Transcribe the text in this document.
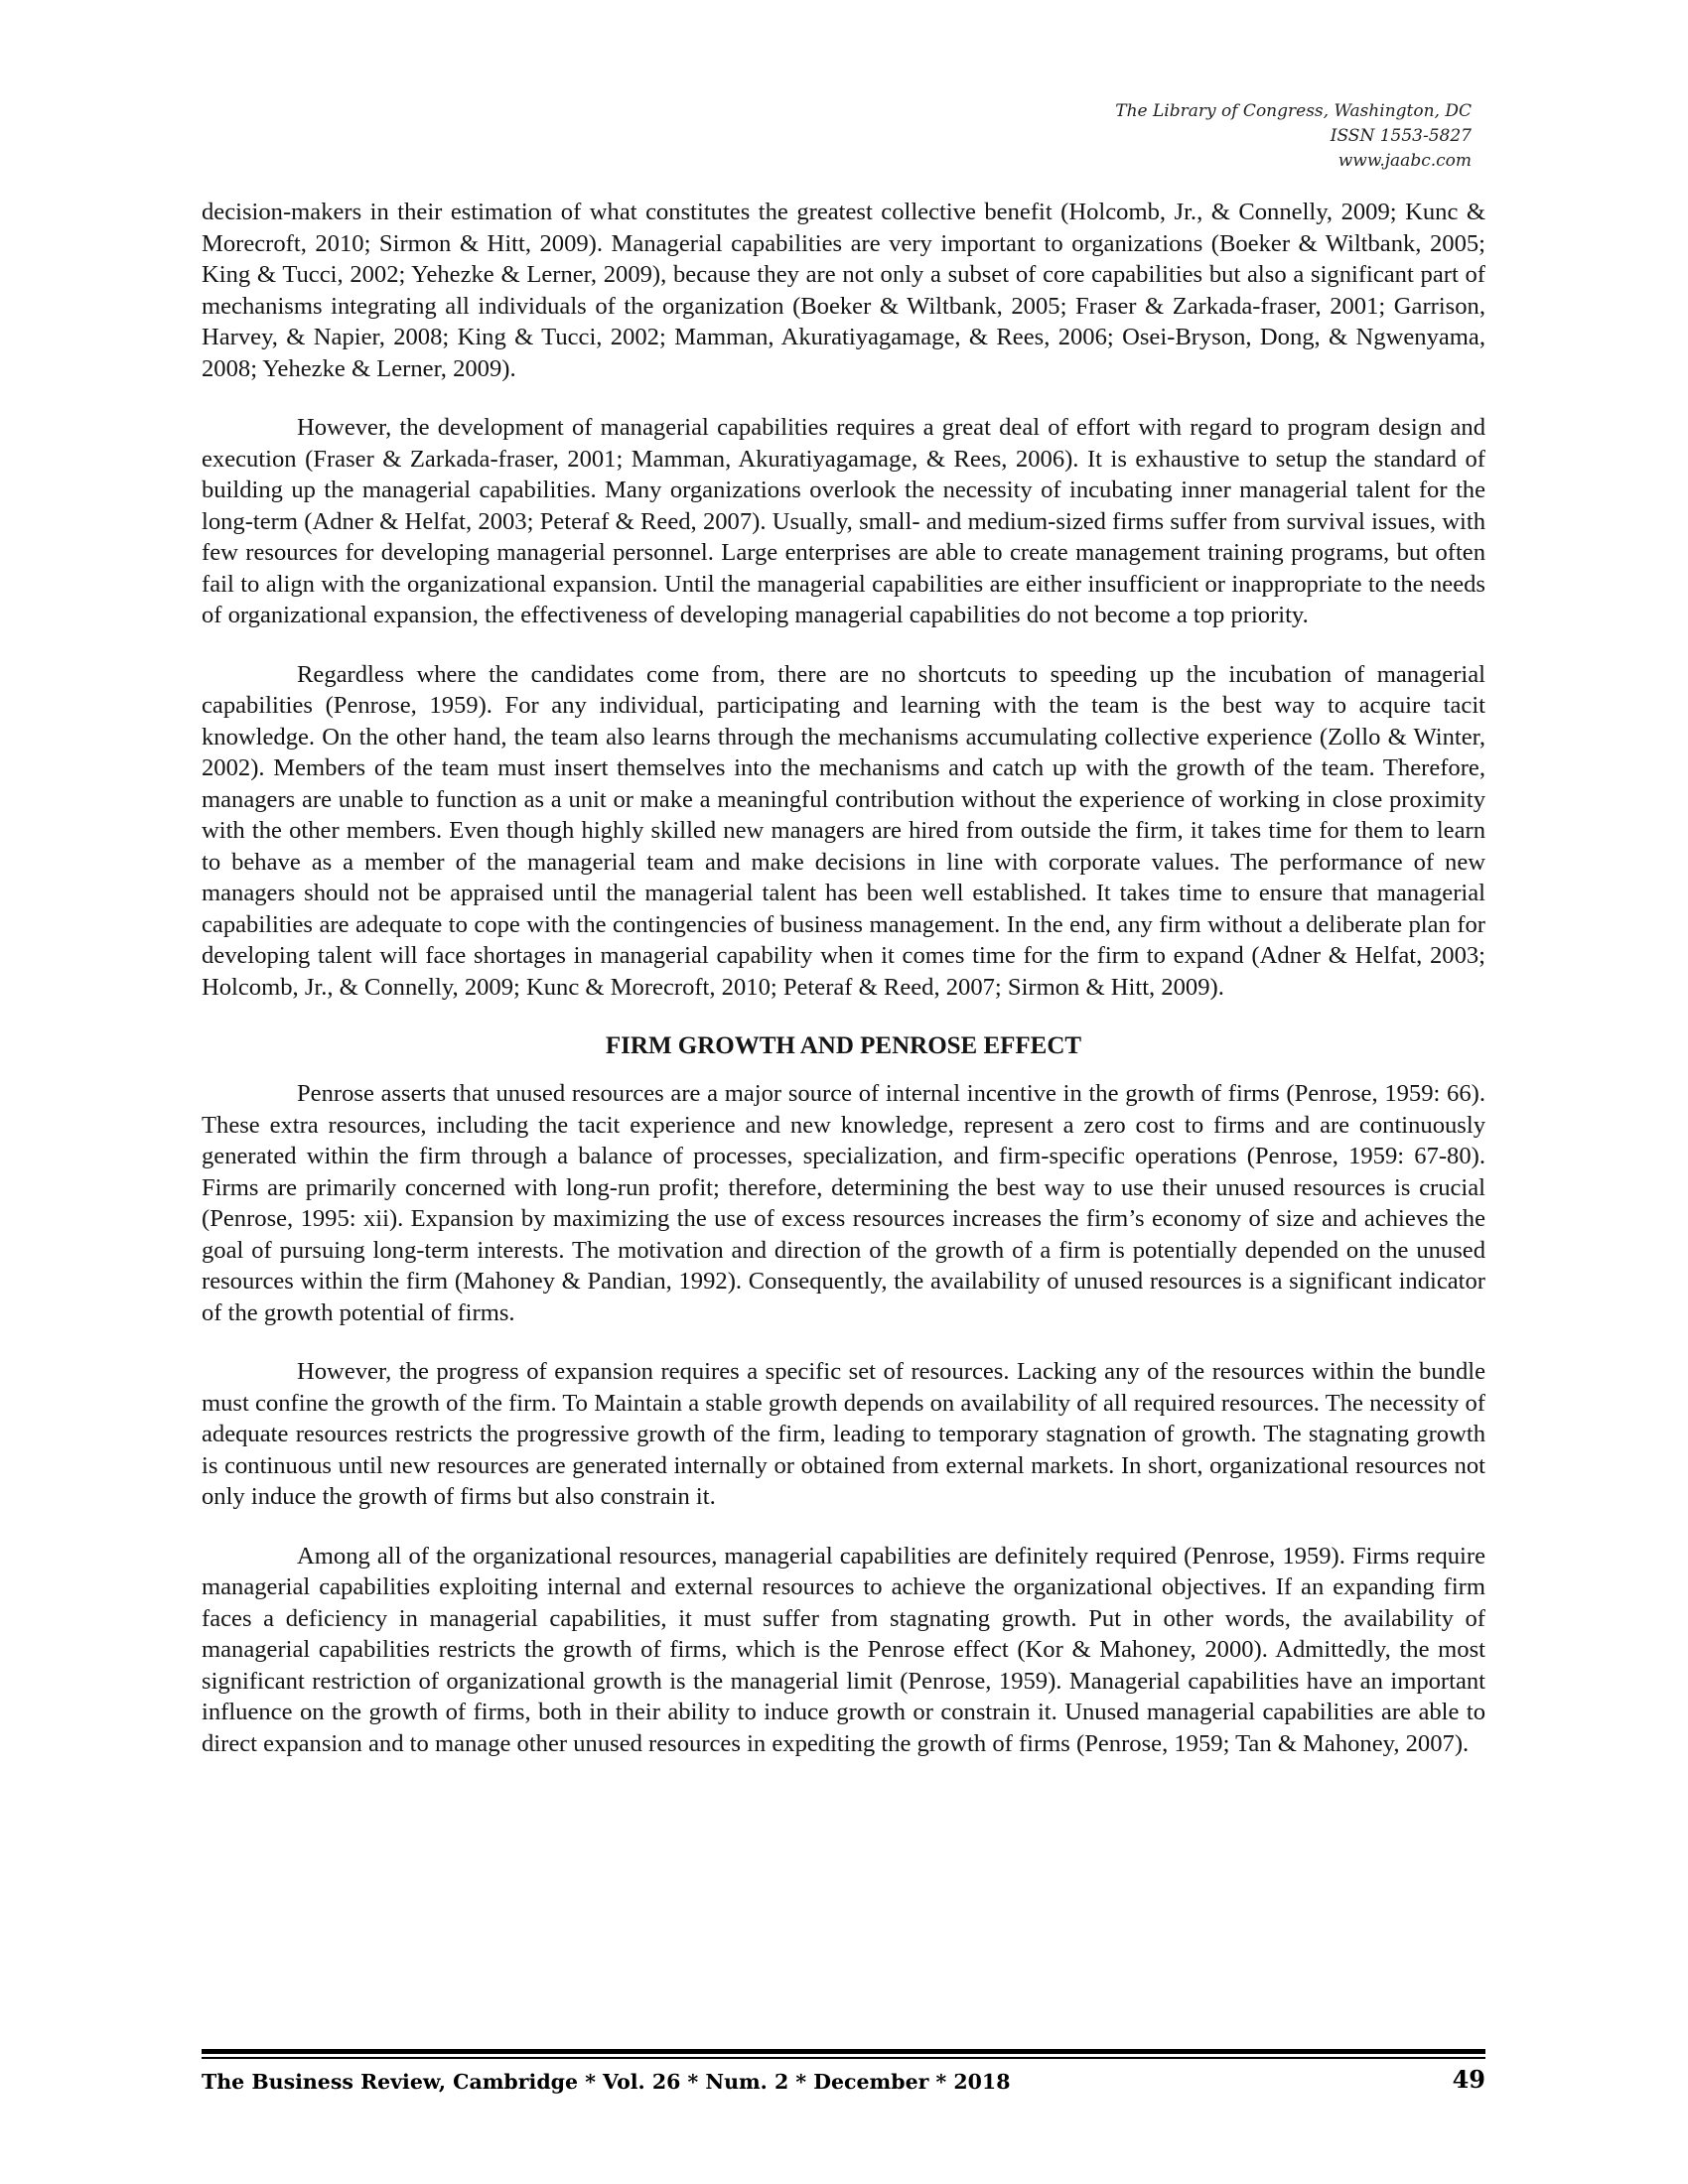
The Library of Congress, Washington, DC
ISSN 1553-5827
www.jaabc.com

decision-makers in their estimation of what constitutes the greatest collective benefit (Holcomb, Jr., & Connelly, 2009; Kunc & Morecroft, 2010; Sirmon & Hitt, 2009). Managerial capabilities are very important to organizations (Boeker & Wiltbank, 2005; King & Tucci, 2002; Yehezke & Lerner, 2009), because they are not only a subset of core capabilities but also a significant part of mechanisms integrating all individuals of the organization (Boeker & Wiltbank, 2005; Fraser & Zarkada-fraser, 2001; Garrison, Harvey, & Napier, 2008; King & Tucci, 2002; Mamman, Akuratiyagamage, & Rees, 2006; Osei-Bryson, Dong, & Ngwenyama, 2008; Yehezke & Lerner, 2009).

However, the development of managerial capabilities requires a great deal of effort with regard to program design and execution (Fraser & Zarkada-fraser, 2001; Mamman, Akuratiyagamage, & Rees, 2006). It is exhaustive to setup the standard of building up the managerial capabilities. Many organizations overlook the necessity of incubating inner managerial talent for the long-term (Adner & Helfat, 2003; Peteraf & Reed, 2007). Usually, small- and medium-sized firms suffer from survival issues, with few resources for developing managerial personnel. Large enterprises are able to create management training programs, but often fail to align with the organizational expansion. Until the managerial capabilities are either insufficient or inappropriate to the needs of organizational expansion, the effectiveness of developing managerial capabilities do not become a top priority.

Regardless where the candidates come from, there are no shortcuts to speeding up the incubation of managerial capabilities (Penrose, 1959). For any individual, participating and learning with the team is the best way to acquire tacit knowledge. On the other hand, the team also learns through the mechanisms accumulating collective experience (Zollo & Winter, 2002). Members of the team must insert themselves into the mechanisms and catch up with the growth of the team. Therefore, managers are unable to function as a unit or make a meaningful contribution without the experience of working in close proximity with the other members. Even though highly skilled new managers are hired from outside the firm, it takes time for them to learn to behave as a member of the managerial team and make decisions in line with corporate values. The performance of new managers should not be appraised until the managerial talent has been well established. It takes time to ensure that managerial capabilities are adequate to cope with the contingencies of business management. In the end, any firm without a deliberate plan for developing talent will face shortages in managerial capability when it comes time for the firm to expand (Adner & Helfat, 2003; Holcomb, Jr., & Connelly, 2009; Kunc & Morecroft, 2010; Peteraf & Reed, 2007; Sirmon & Hitt, 2009).

FIRM GROWTH AND PENROSE EFFECT

Penrose asserts that unused resources are a major source of internal incentive in the growth of firms (Penrose, 1959: 66). These extra resources, including the tacit experience and new knowledge, represent a zero cost to firms and are continuously generated within the firm through a balance of processes, specialization, and firm-specific operations (Penrose, 1959: 67-80). Firms are primarily concerned with long-run profit; therefore, determining the best way to use their unused resources is crucial (Penrose, 1995: xii). Expansion by maximizing the use of excess resources increases the firm’s economy of size and achieves the goal of pursuing long-term interests. The motivation and direction of the growth of a firm is potentially depended on the unused resources within the firm (Mahoney & Pandian, 1992). Consequently, the availability of unused resources is a significant indicator of the growth potential of firms.

However, the progress of expansion requires a specific set of resources. Lacking any of the resources within the bundle must confine the growth of the firm. To Maintain a stable growth depends on availability of all required resources. The necessity of adequate resources restricts the progressive growth of the firm, leading to temporary stagnation of growth. The stagnating growth is continuous until new resources are generated internally or obtained from external markets. In short, organizational resources not only induce the growth of firms but also constrain it.

Among all of the organizational resources, managerial capabilities are definitely required (Penrose, 1959). Firms require managerial capabilities exploiting internal and external resources to achieve the organizational objectives. If an expanding firm faces a deficiency in managerial capabilities, it must suffer from stagnating growth. Put in other words, the availability of managerial capabilities restricts the growth of firms, which is the Penrose effect (Kor & Mahoney, 2000). Admittedly, the most significant restriction of organizational growth is the managerial limit (Penrose, 1959). Managerial capabilities have an important influence on the growth of firms, both in their ability to induce growth or constrain it. Unused managerial capabilities are able to direct expansion and to manage other unused resources in expediting the growth of firms (Penrose, 1959; Tan & Mahoney, 2007).

The Business Review, Cambridge * Vol. 26 * Num. 2 * December * 2018	49
